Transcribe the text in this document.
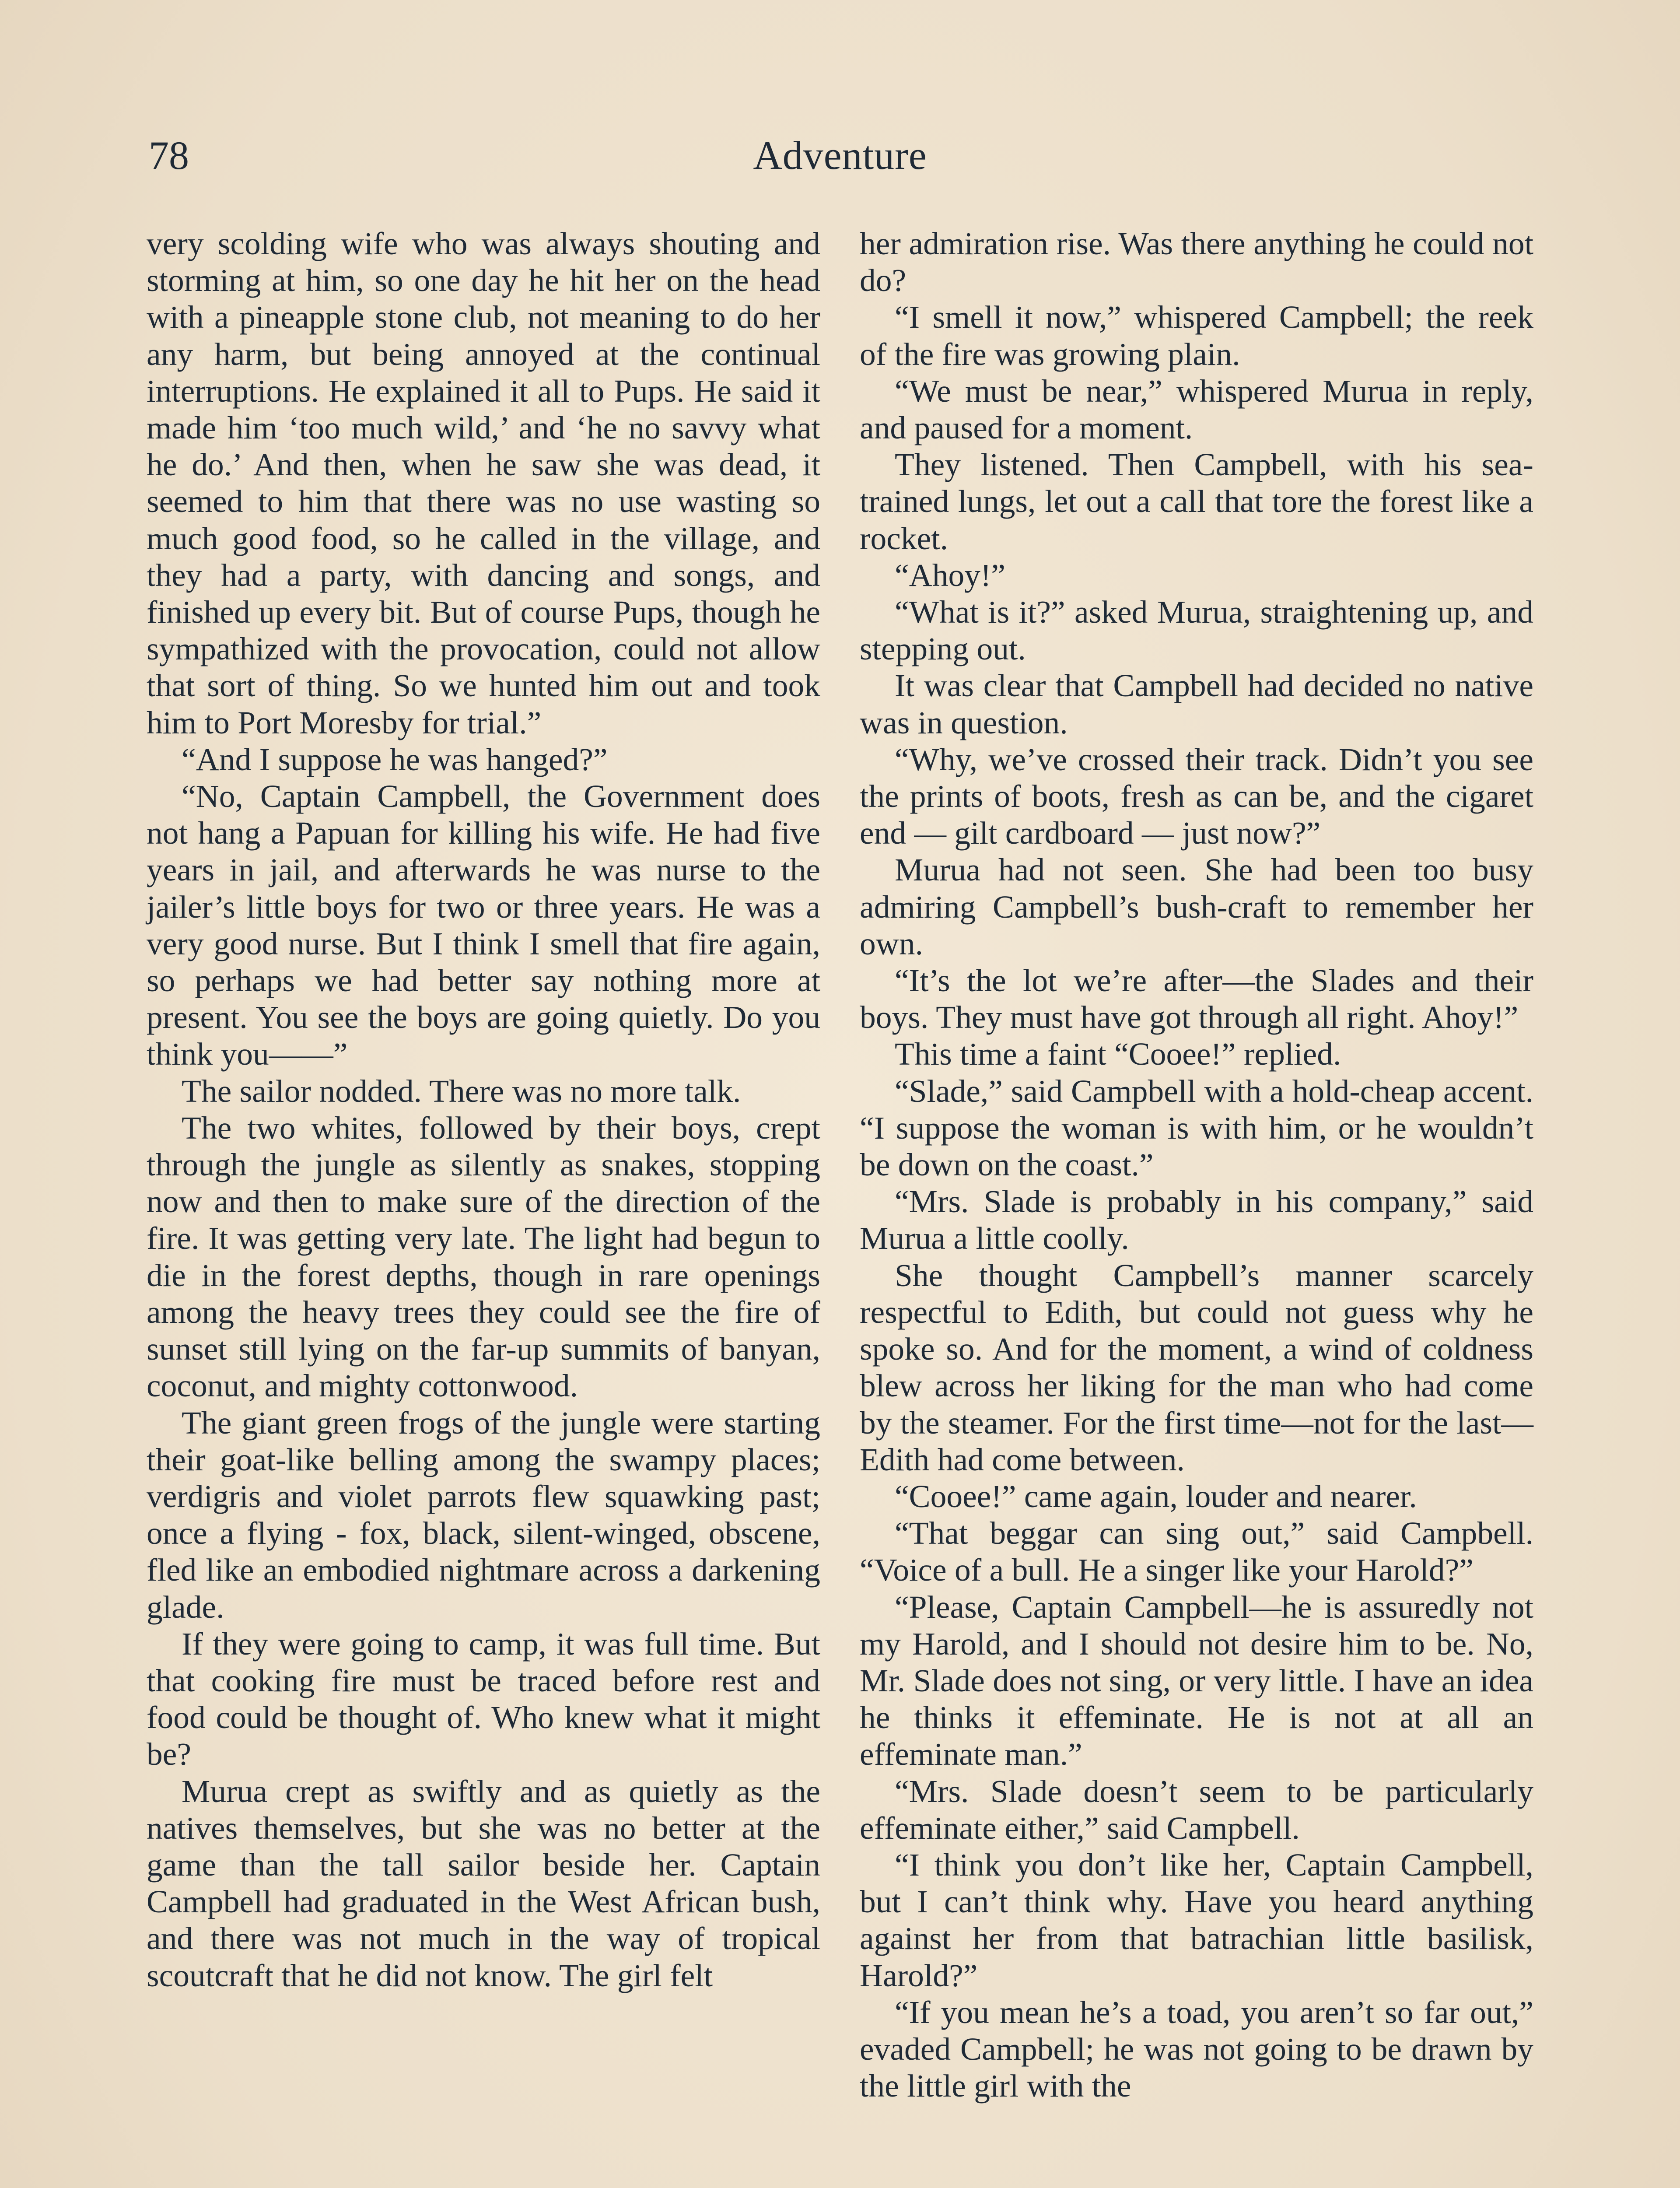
78	Adventure

very scolding wife who was always shouting and storming at him, so one day he hit her on the head with a pineapple stone club, not meaning to do her any harm, but being annoyed at the continual interruptions. He explained it all to Pups. He said it made him ‘too much wild,’ and ‘he no savvy what he do.’ And then, when he saw she was dead, it seemed to him that there was no use wasting so much good food, so he called in the village, and they had a party, with dancing and songs, and finished up every bit. But of course Pups, though he sympathized with the provocation, could not allow that sort of thing. So we hunted him out and took him to Port Moresby for trial.”

“And I suppose he was hanged?”

“No, Captain Campbell, the Government does not hang a Papuan for killing his wife. He had five years in jail, and afterwards he was nurse to the jailer’s little boys for two or three years. He was a very good nurse. But I think I smell that fire again, so perhaps we had better say nothing more at present. You see the boys are going quietly. Do you think you——”

The sailor nodded. There was no more talk.

The two whites, followed by their boys, crept through the jungle as silently as snakes, stopping now and then to make sure of the direction of the fire. It was getting very late. The light had begun to die in the forest depths, though in rare openings among the heavy trees they could see the fire of sunset still lying on the far-up summits of banyan, coconut, and mighty cottonwood.

The giant green frogs of the jungle were starting their goat-like belling among the swampy places; verdigris and violet parrots flew squawking past; once a flying - fox, black, silent-winged, obscene, fled like an embodied nightmare across a darkening glade.

If they were going to camp, it was full time. But that cooking fire must be traced before rest and food could be thought of. Who knew what it might be?

Murua crept as swiftly and as quietly as the natives themselves, but she was no better at the game than the tall sailor beside her. Captain Campbell had graduated in the West African bush, and there was not much in the way of tropical scoutcraft that he did not know. The girl felt

her admiration rise. Was there anything he could not do?

“I smell it now,” whispered Campbell; the reek of the fire was growing plain.

“We must be near,” whispered Murua in reply, and paused for a moment.

They listened. Then Campbell, with his sea-trained lungs, let out a call that tore the forest like a rocket.

“Ahoy!”

“What is it?” asked Murua, straightening up, and stepping out.

It was clear that Campbell had decided no native was in question.

“Why, we’ve crossed their track. Didn’t you see the prints of boots, fresh as can be, and the cigaret end — gilt cardboard — just now?”

Murua had not seen. She had been too busy admiring Campbell’s bush-craft to remember her own.

“It’s the lot we’re after—the Slades and their boys. They must have got through all right. Ahoy!”

This time a faint “Cooee!” replied.

“Slade,” said Campbell with a hold-cheap accent. “I suppose the woman is with him, or he wouldn’t be down on the coast.”

“Mrs. Slade is probably in his company,” said Murua a little coolly.

She thought Campbell’s manner scarcely respectful to Edith, but could not guess why he spoke so. And for the moment, a wind of coldness blew across her liking for the man who had come by the steamer. For the first time—not for the last—Edith had come between.

“Cooee!” came again, louder and nearer.

“That beggar can sing out,” said Campbell. “Voice of a bull. He a singer like your Harold?”

“Please, Captain Campbell—he is assuredly not my Harold, and I should not desire him to be. No, Mr. Slade does not sing, or very little. I have an idea he thinks it effeminate. He is not at all an effeminate man.”

“Mrs. Slade doesn’t seem to be particularly effeminate either,” said Campbell.

“I think you don’t like her, Captain Campbell, but I can’t think why. Have you heard anything against her from that batrachian little basilisk, Harold?”

“If you mean he’s a toad, you aren’t so far out,” evaded Campbell; he was not going to be drawn by the little girl with the
